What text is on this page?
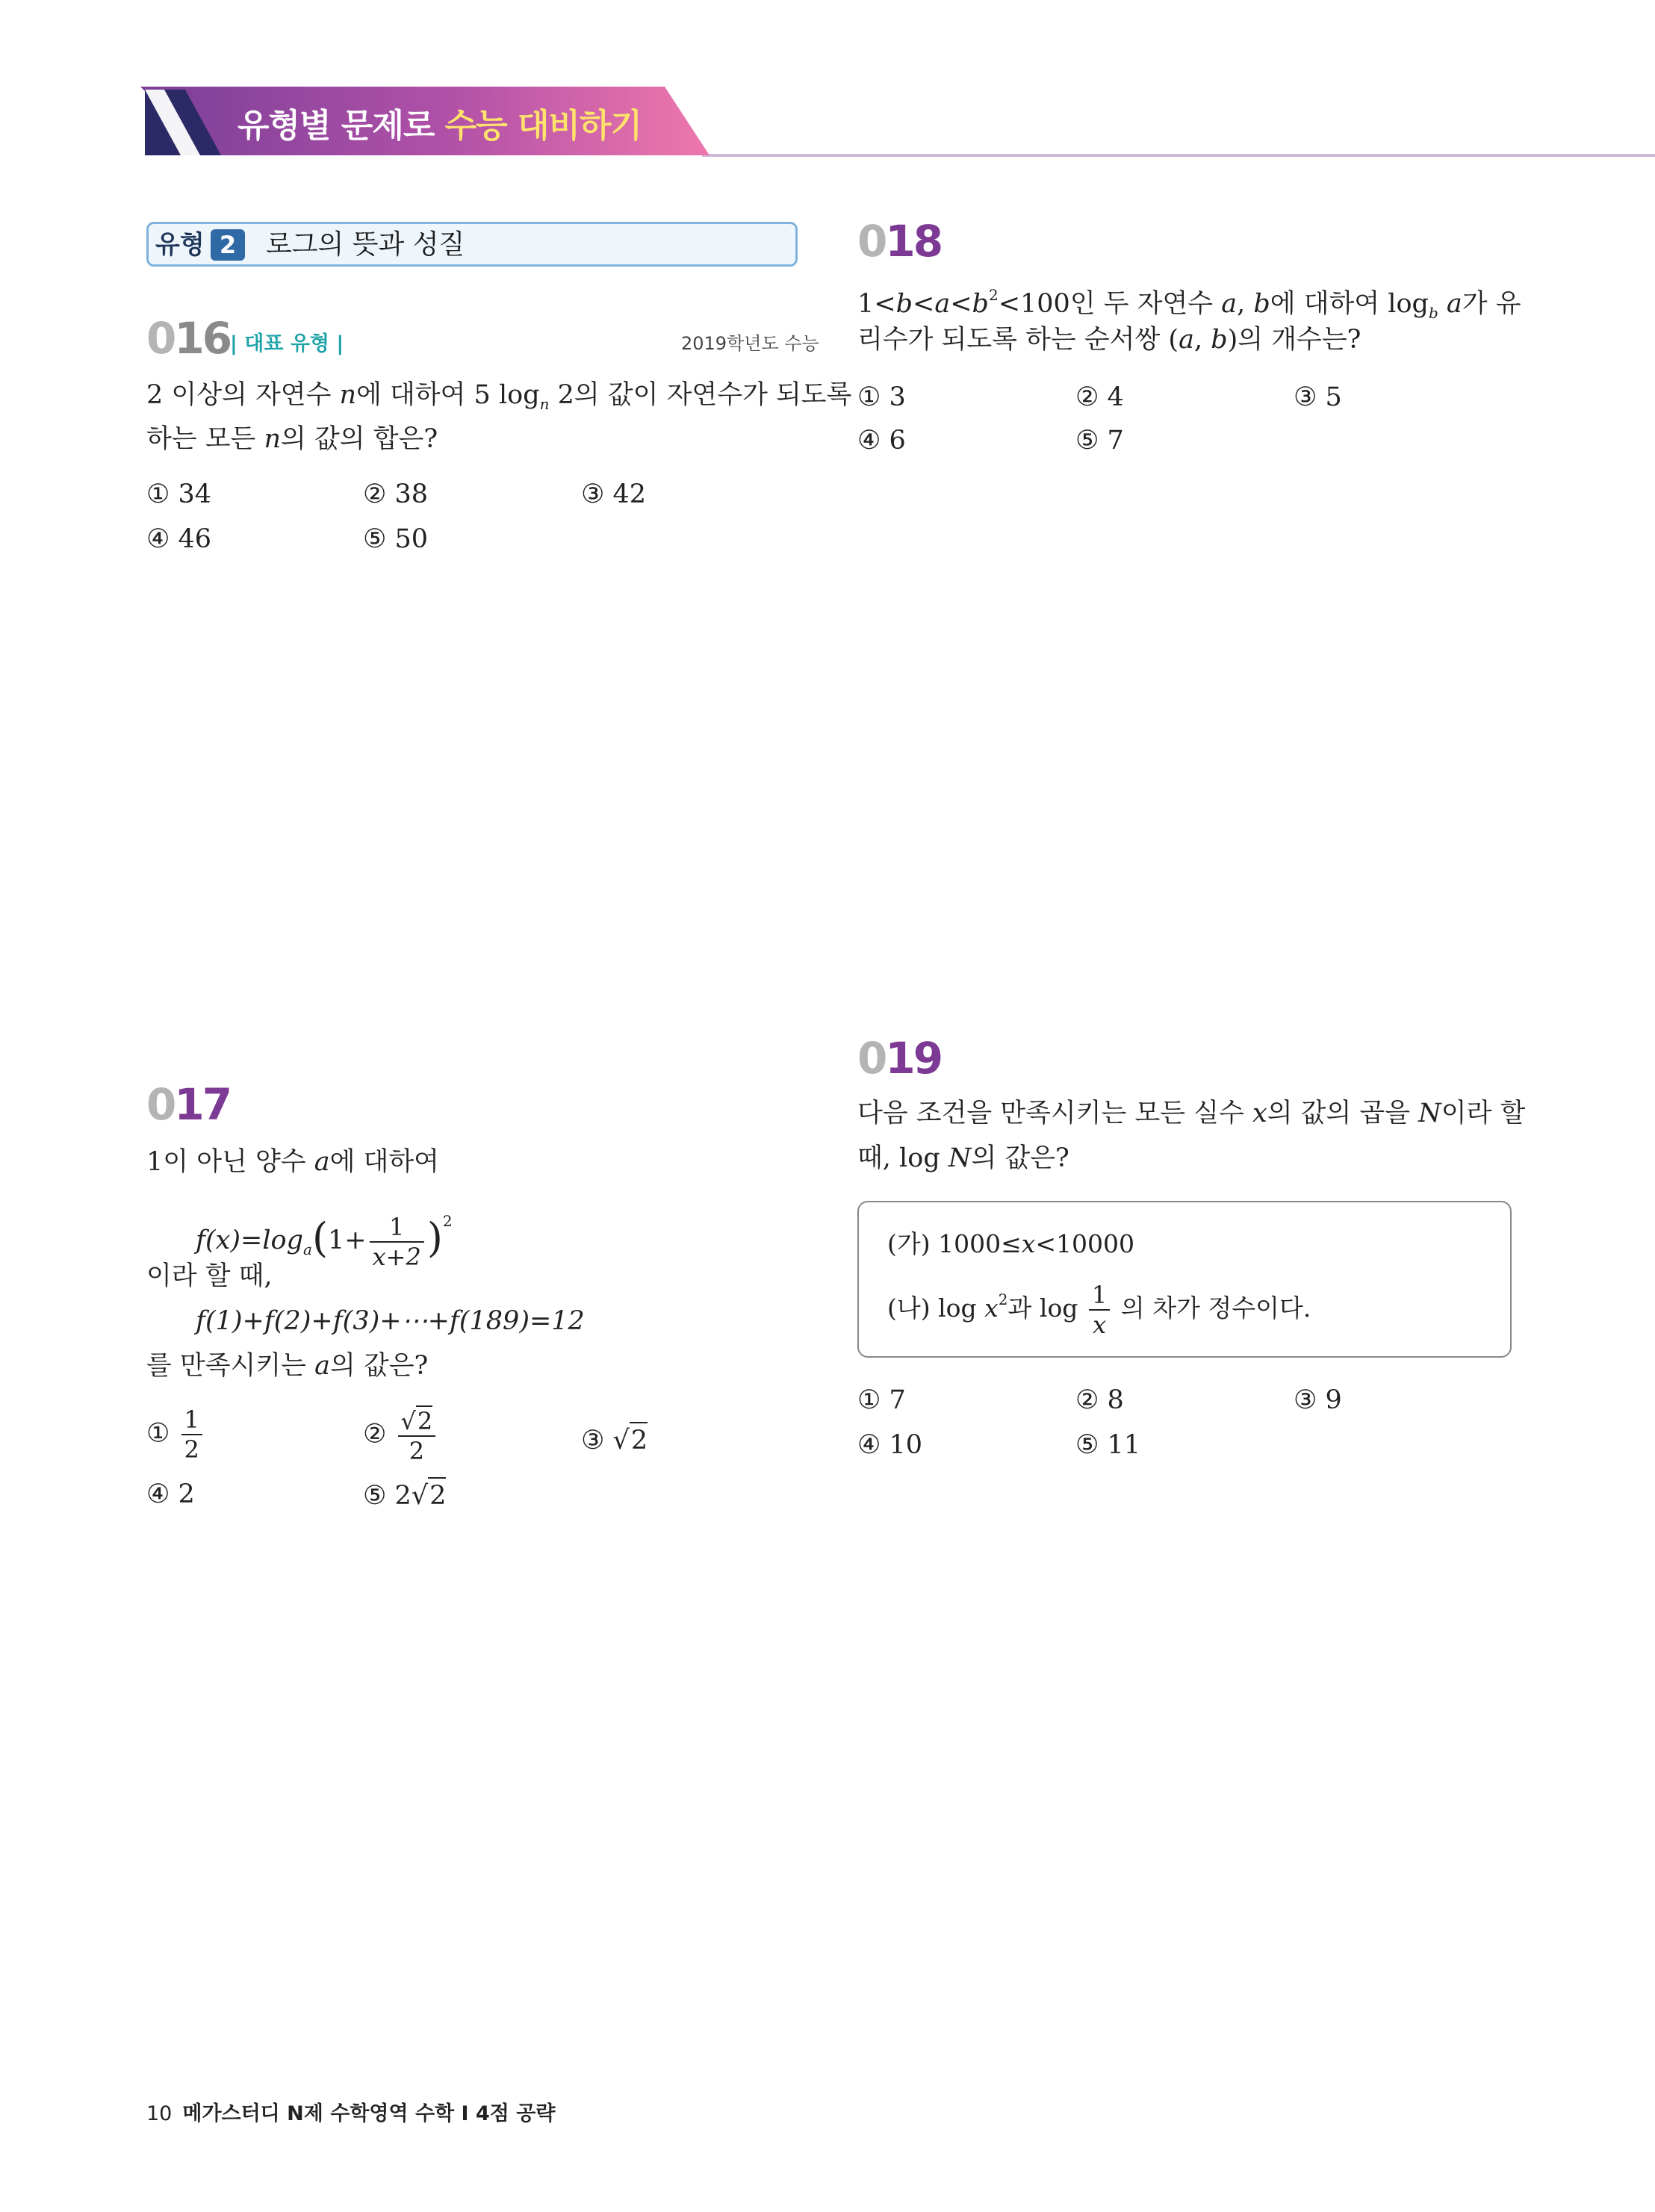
유형별 문제로 수능 대비하기
유형 2	로그의 뜻과 성질
016 | 대표 유형 |	2019학년도 수능
2 이상의 자연수 n에 대하여 5 $\log_n 2$의 값이 자연수가 되도록
하는 모든 n의 값의 합은?
① 34	② 38	③ 42
④ 46	⑤ 50
017
1이 아닌 양수 a에 대하여
$f(x)=\log_a(1+ \frac{1}{x+2} )^2$
이라 할 때,
f(1)+f(2)+f(3)+⋯+f(189)=12
를 만족시키는 a의 값은?
① $\frac{1}{2}$	② $\frac{√2}{2}$	③ √2
④ 2	⑤ 2√2
018
$1<b<a<b^2<100$인 두 자연수 a, b에 대하여 $\log_b a$가 유
리수가 되도록 하는 순서쌍 (a, b)의 개수는?
① 3	② 4	③ 5
④ 6	⑤ 7
019
다음 조건을 만족시키는 모든 실수 x의 값의 곱을 N이라 할
때, log N의 값은?
(가) 1000≤x<10000
(나) $\log x^2$과 $\log \frac{1}{x}$ 의 차가 정수이다.
① 7	② 8	③ 9
④ 10	⑤ 11
10 메가스터디 N제 수학영역 수학 I 4점 공략
